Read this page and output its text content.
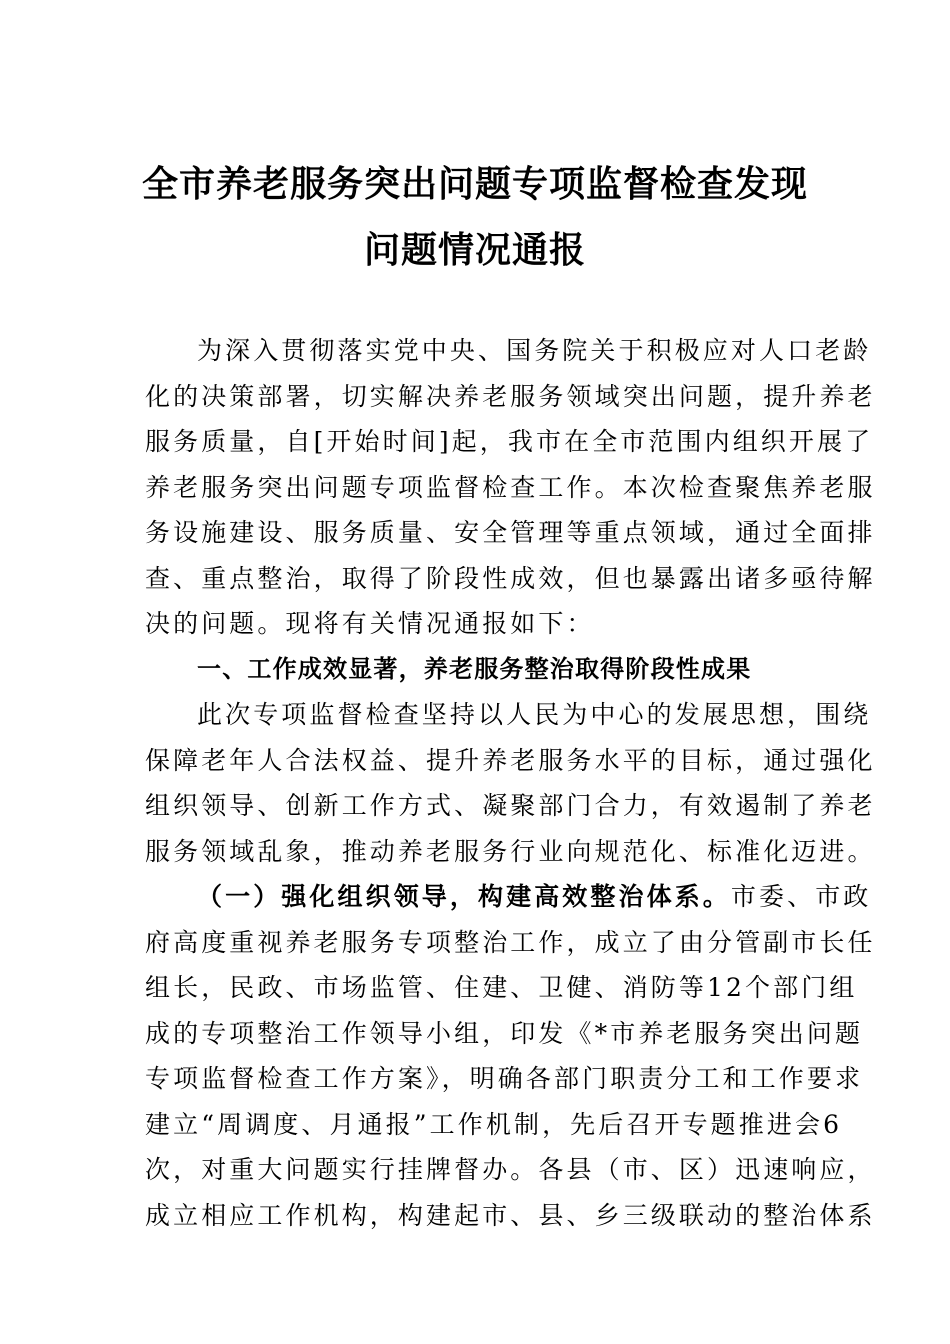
全市养老服务突出问题专项监督检查发现
问题情况通报
为深入贯彻落实党中央、国务院关于积极应对人口老龄
化的决策部署，切实解决养老服务领域突出问题，提升养老
服务质量，自[开始时间]起，我市在全市范围内组织开展了
养老服务突出问题专项监督检查工作。本次检查聚焦养老服
务设施建设、服务质量、安全管理等重点领域，通过全面排
查、重点整治，取得了阶段性成效，但也暴露出诸多亟待解
决的问题。现将有关情况通报如下：
一、工作成效显著，养老服务整治取得阶段性成果
此次专项监督检查坚持以人民为中心的发展思想，围绕
保障老年人合法权益、提升养老服务水平的目标，通过强化
组织领导、创新工作方式、凝聚部门合力，有效遏制了养老
服务领域乱象，推动养老服务行业向规范化、标准化迈进。
（一）强化组织领导，构建高效整治体系。市委、市政
府高度重视养老服务专项整治工作，成立了由分管副市长任
组长，民政、市场监管、住建、卫健、消防等12个部门组
成的专项整治工作领导小组，印发《*市养老服务突出问题
专项监督检查工作方案》，明确各部门职责分工和工作要求
建立“周调度、月通报”工作机制，先后召开专题推进会6
次，对重大问题实行挂牌督办。各县（市、区）迅速响应，
成立相应工作机构，构建起市、县、乡三级联动的整治体系
